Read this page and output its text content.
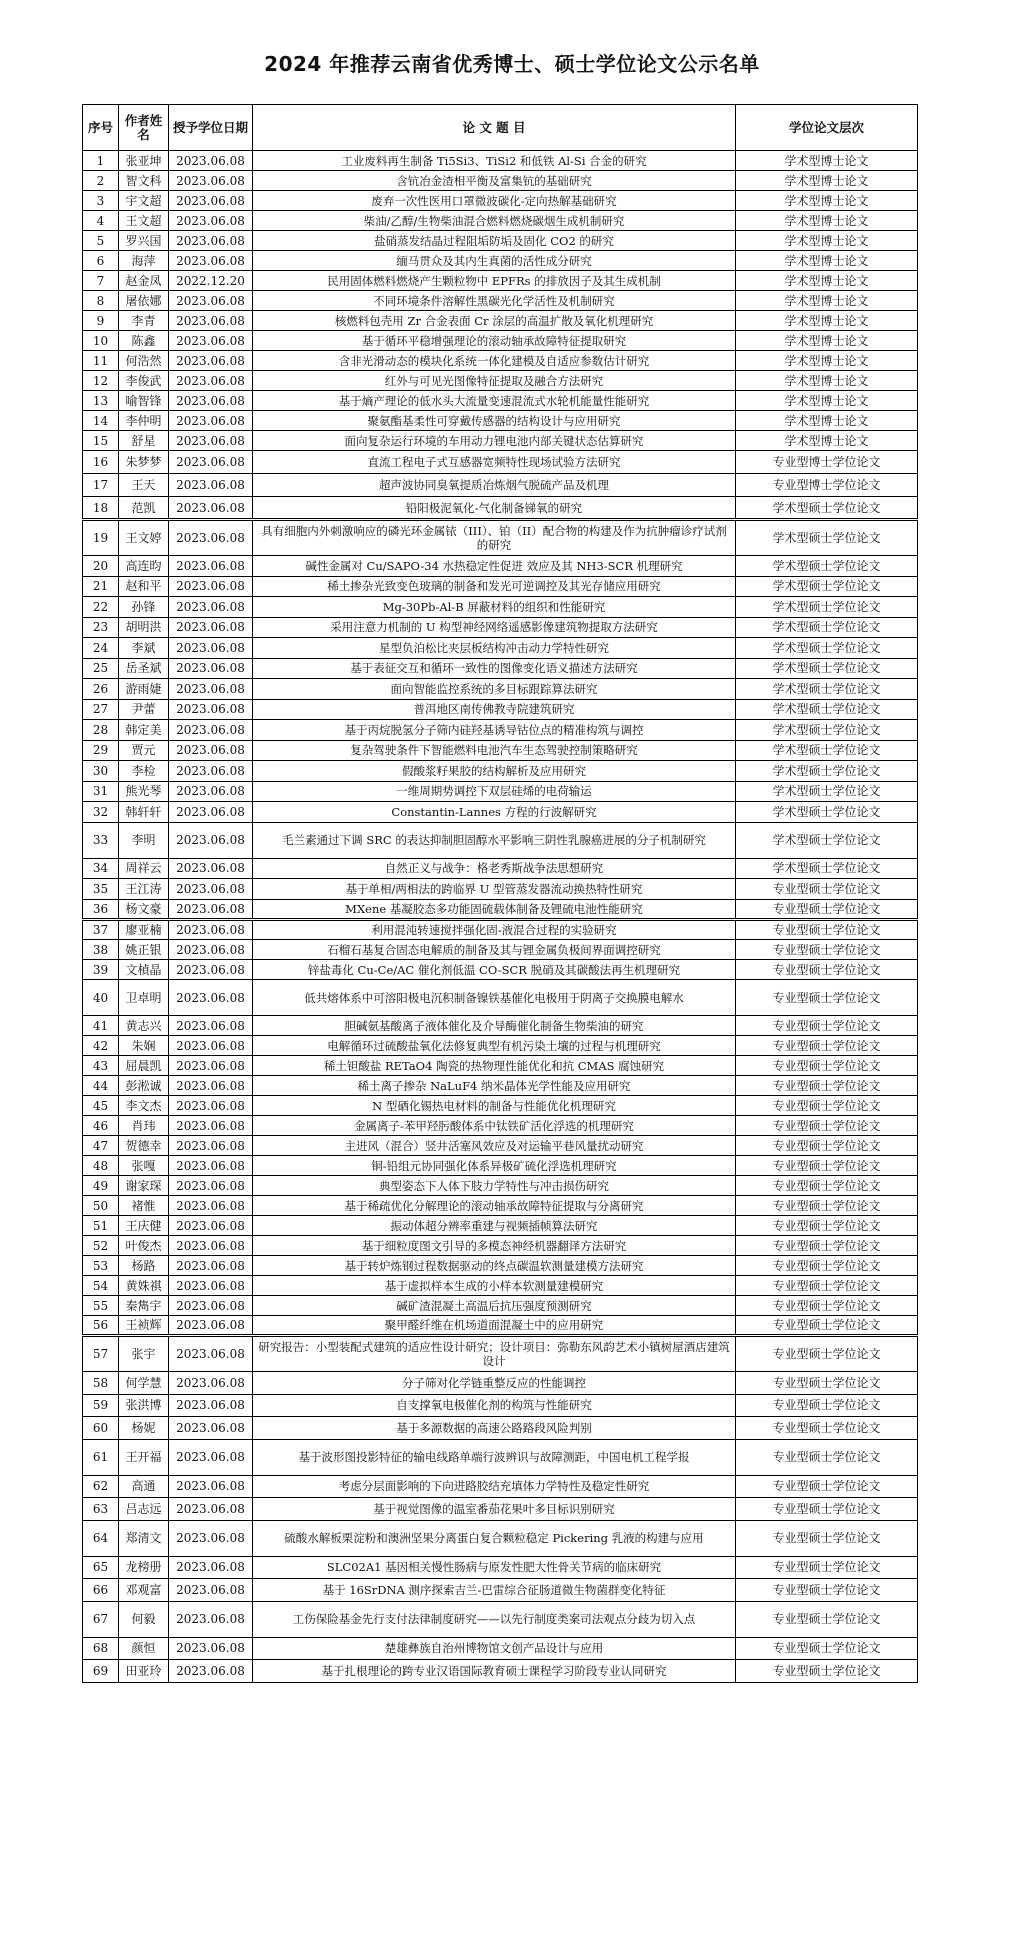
2024 年推荐云南省优秀博士、硕士学位论文公示名单
序号	作者姓名	授予学位日期	论 文 题 目	学位论文层次
1	张亚坤	2023.06.08	工业废料再生制备 Ti5Si3、TiSi2 和低铁 Al-Si 合金的研究	学术型博士论文
2	智文科	2023.06.08	含钪冶金渣相平衡及富集钪的基础研究	学术型博士论文
3	宇文超	2023.06.08	废弃一次性医用口罩微波碳化-定向热解基础研究	学术型博士论文
4	王文超	2023.06.08	柴油/乙醇/生物柴油混合燃料燃烧碳烟生成机制研究	学术型博士论文
5	罗兴国	2023.06.08	盐硝蒸发结晶过程阻垢防垢及固化 CO2 的研究	学术型博士论文
6	海萍	2023.06.08	缅马贯众及其内生真菌的活性成分研究	学术型博士论文
7	赵金凤	2022.12.20	民用固体燃料燃烧产生颗粒物中 EPFRs 的排放因子及其生成机制	学术型博士论文
8	屠依娜	2023.06.08	不同环境条件溶解性黑碳光化学活性及机制研究	学术型博士论文
9	李青	2023.06.08	核燃料包壳用 Zr 合金表面 Cr 涂层的高温扩散及氧化机理研究	学术型博士论文
10	陈鑫	2023.06.08	基于循环平稳增强理论的滚动轴承故障特征提取研究	学术型博士论文
11	何浩然	2023.06.08	含非光滑动态的模块化系统一体化建模及自适应参数估计研究	学术型博士论文
12	李俊武	2023.06.08	红外与可见光图像特征提取及融合方法研究	学术型博士论文
13	喻智锋	2023.06.08	基于熵产理论的低水头大流量变速混流式水轮机能量性能研究	学术型博士论文
14	李仲明	2023.06.08	聚氨酯基柔性可穿戴传感器的结构设计与应用研究	学术型博士论文
15	舒星	2023.06.08	面向复杂运行环境的车用动力锂电池内部关键状态估算研究	学术型博士论文
16	朱梦梦	2023.06.08	直流工程电子式互感器宽频特性现场试验方法研究	专业型博士学位论文
17	王天	2023.06.08	超声波协同臭氧提质冶炼烟气脱硫产品及机理	专业型博士学位论文
18	范凯	2023.06.08	铅阳极泥氧化-气化制备锑氧的研究	学术型硕士学位论文
19	王文婷	2023.06.08	具有细胞内外刺激响应的磷光环金属铱（III）、铂（II）配合物的构建及作为抗肿瘤诊疗试剂的研究	学术型硕士学位论文
20	高连昀	2023.06.08	碱性金属对 Cu/SAPO-34 水热稳定性促进 效应及其 NH3-SCR 机理研究	学术型硕士学位论文
21	赵和平	2023.06.08	稀土掺杂光致变色玻璃的制备和发光可逆调控及其光存储应用研究	学术型硕士学位论文
22	孙锋	2023.06.08	Mg-30Pb-Al-B 屏蔽材料的组织和性能研究	学术型硕士学位论文
23	胡明洪	2023.06.08	采用注意力机制的 U 构型神经网络遥感影像建筑物提取方法研究	学术型硕士学位论文
24	李斌	2023.06.08	星型负泊松比夹层板结构冲击动力学特性研究	学术型硕士学位论文
25	岳圣斌	2023.06.08	基于表征交互和循环一致性的图像变化语义描述方法研究	学术型硕士学位论文
26	游雨婕	2023.06.08	面向智能监控系统的多目标跟踪算法研究	学术型硕士学位论文
27	尹蕾	2023.06.08	普洱地区南传佛教寺院建筑研究	学术型硕士学位论文
28	韩定美	2023.06.08	基于丙烷脱氢分子筛内硅羟基诱导钴位点的精准构筑与调控	学术型硕士学位论文
29	贾元	2023.06.08	复杂驾驶条件下智能燃料电池汽车生态驾驶控制策略研究	学术型硕士学位论文
30	李检	2023.06.08	假酸浆籽果胶的结构解析及应用研究	学术型硕士学位论文
31	熊光琴	2023.06.08	一维周期势调控下双层硅烯的电荷输运	学术型硕士学位论文
32	韩轩轩	2023.06.08	Constantin-Lannes 方程的行波解研究	学术型硕士学位论文
33	李明	2023.06.08	毛兰素通过下调 SRC 的表达抑制胆固醇水平影响三阴性乳腺癌进展的分子机制研究	学术型硕士学位论文
34	周祥云	2023.06.08	自然正义与战争：格老秀斯战争法思想研究	学术型硕士学位论文
35	王江涛	2023.06.08	基于单相/两相法的跨临界 U 型管蒸发器流动换热特性研究	专业型硕士学位论文
36	杨文豪	2023.06.08	MXene 基凝胶态多功能固硫载体制备及锂硫电池性能研究	专业型硕士学位论文
37	廖亚楠	2023.06.08	利用混沌转速搅拌强化固-液混合过程的实验研究	专业型硕士学位论文
38	姚正银	2023.06.08	石榴石基复合固态电解质的制备及其与锂金属负极间界面调控研究	专业型硕士学位论文
39	文楨晶	2023.06.08	锌盐毒化 Cu-Ce/AC 催化剂低温 CO-SCR 脱硝及其碳酸法再生机理研究	专业型硕士学位论文
40	卫卓明	2023.06.08	低共熔体系中可溶阳极电沉积制备镍铁基催化电极用于阴离子交换膜电解水	专业型硕士学位论文
41	黄志兴	2023.06.08	胆碱氨基酸离子液体催化及介导酶催化制备生物柴油的研究	专业型硕士学位论文
42	朱娴	2023.06.08	电解循环过硫酸盐氧化法修复典型有机污染土壤的过程与机理研究	专业型硕士学位论文
43	屈晨凯	2023.06.08	稀土钽酸盐 RETaO4 陶瓷的热物理性能优化和抗 CMAS 腐蚀研究	专业型硕士学位论文
44	彭淞诚	2023.06.08	稀土离子掺杂 NaLuF4 纳米晶体光学性能及应用研究	专业型硕士学位论文
45	李文杰	2023.06.08	N 型硒化锡热电材料的制备与性能优化机理研究	专业型硕士学位论文
46	肖玮	2023.06.08	金属离子-苯甲羟肟酸体系中钛铁矿活化浮选的机理研究	专业型硕士学位论文
47	贺德幸	2023.06.08	主进风（混合）竖井活塞风效应及对运输平巷风量扰动研究	专业型硕士学位论文
48	张嘎	2023.06.08	铜-铅组元协同强化体系异极矿硫化浮选机理研究	专业型硕士学位论文
49	谢家琛	2023.06.08	典型姿态下人体下肢力学特性与冲击损伤研究	专业型硕士学位论文
50	褚惟	2023.06.08	基于稀疏优化分解理论的滚动轴承故障特征提取与分离研究	专业型硕士学位论文
51	王庆健	2023.06.08	振动体超分辨率重建与视频插帧算法研究	专业型硕士学位论文
52	叶俊杰	2023.06.08	基于细粒度图文引导的多模态神经机器翻译方法研究	专业型硕士学位论文
53	杨路	2023.06.08	基于转炉炼钢过程数据驱动的终点碳温软测量建模方法研究	专业型硕士学位论文
54	黄姝祺	2023.06.08	基于虚拟样本生成的小样本软测量建模研究	专业型硕士学位论文
55	秦雋宇	2023.06.08	碱矿渣混凝土高温后抗压强度预测研究	专业型硕士学位论文
56	王祯辉	2023.06.08	聚甲醛纤维在机场道面混凝土中的应用研究	专业型硕士学位论文
57	张宇	2023.06.08	研究报告：小型装配式建筑的适应性设计研究；设计项目：弥勒东风韵艺术小镇树屋酒店建筑设计	专业型硕士学位论文
58	何学慧	2023.06.08	分子筛对化学链重整反应的性能调控	专业型硕士学位论文
59	张洪博	2023.06.08	自支撑氧电极催化剂的构筑与性能研究	专业型硕士学位论文
60	杨妮	2023.06.08	基于多源数据的高速公路路段风险判别	专业型硕士学位论文
61	王开福	2023.06.08	基于波形图投影特征的输电线路单端行波辨识与故障测距，中国电机工程学报	专业型硕士学位论文
62	高通	2023.06.08	考虑分层面影响的下向进路胶结充填体力学特性及稳定性研究	专业型硕士学位论文
63	吕志远	2023.06.08	基于视觉图像的温室番茄花果叶多目标识别研究	专业型硕士学位论文
64	郑清文	2023.06.08	硫酸水解板栗淀粉和澳洲坚果分离蛋白复合颗粒稳定 Pickering 乳液的构建与应用	专业型硕士学位论文
65	龙榜册	2023.06.08	SLC02A1 基因相关慢性肠病与原发性肥大性骨关节病的临床研究	专业型硕士学位论文
66	邓观富	2023.06.08	基于 16SrDNA 测序探索吉兰-巴雷综合征肠道微生物菌群变化特征	专业型硕士学位论文
67	何毅	2023.06.08	工伤保险基金先行支付法律制度研究——以先行制度类案司法观点分歧为切入点	专业型硕士学位论文
68	颜恒	2023.06.08	楚雄彝族自治州博物馆文创产品设计与应用	专业型硕士学位论文
69	田亚玲	2023.06.08	基于扎根理论的跨专业汉语国际教育硕士课程学习阶段专业认同研究	专业型硕士学位论文
